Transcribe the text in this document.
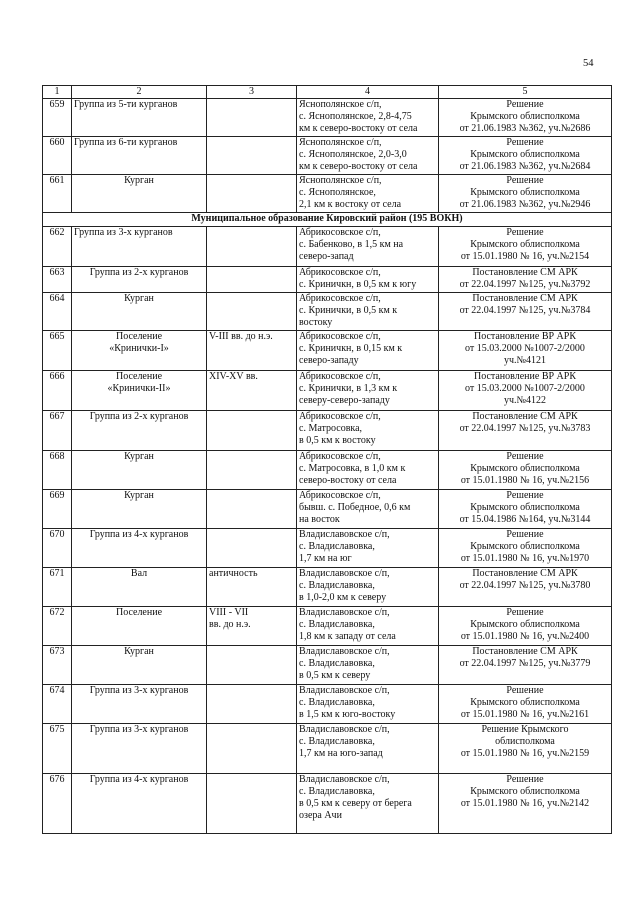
54
1	2	3	4	5
659	Группа из 5-ти курганов		Яснополянское с/п,
с. Яснополянское, 2,8-4,75
км к северо-востоку от села	Решение
Крымского облисполкома
от 21.06.1983 №362, уч.№2686
660	Группа из 6-ти курганов		Яснополянское с/п,
с. Яснополянское, 2,0-3,0
км к северо-востоку от села	Решение
Крымского облисполкома
от 21.06.1983 №362, уч.№2684
661	Курган		Яснополянское с/п,
с. Яснополянское,
2,1 км к востоку от села	Решение
Крымского облисполкома
от 21.06.1983 №362, уч.№2946
Муниципальное образование Кировский район (195 ВОКН)				
662	Группа из 3-х курганов		Абрикосовское с/п,
с. Бабенково, в 1,5 км на
северо-запад	Решение
Крымского облисполкома
от 15.01.1980 № 16, уч.№2154
663	Группа из 2-х курганов		Абрикосовское с/п,
с. Криничкн, в 0,5 км к югу	Постановление СМ АРК
от 22.04.1997 №125, уч.№3792
664	Курган		Абрикосовское с/п,
с. Кринички, в 0,5 км к
востоку	Постановление СМ АРК
от 22.04.1997 №125, уч.№3784
665	Поселение
«Кринички-I»	V-III вв. до н.э.	Абрикосовское с/п,
с. Криничкн, в 0,15 км к
северо-западу	Постановление ВР АРК
от 15.03.2000 №1007-2/2000
уч.№4121
666	Поселение
«Кринички-II»	XIV-XV вв.	Абрикосовское с/п,
с. Кринички, в 1,3 км к
северу-северо-западу	Постановление ВР АРК
от 15.03.2000 №1007-2/2000
уч.№4122
667	Группа из 2-х курганов		Абрикосовское с/п,
с. Матросовка,
в 0,5 км к востоку	Постановление СМ АРК
от 22.04.1997 №125, уч.№3783
668	Курган		Абрикосовское с/п,
с. Матросовка, в 1,0 км к
северо-востоку от села	Решение
Крымского облисполкома
от 15.01.1980 № 16, уч.№2156
669	Курган		Абрикосовское с/п,
бывш. с. Победное, 0,6 км
на восток	Решение
Крымского облисполкома
от 15.04.1986 №164, уч.№3144
670	Группа из 4-х курганов		Владиславовское с/п,
с. Владиславовка,
1,7 км на юг	Решение
Крымского облисполкома
от 15.01.1980 № 16, уч.№1970
671	Вал	античность	Владиславовское с/п,
с. Владиславовка,
в 1,0-2,0 км к северу	Постановление СМ АРК
от 22.04.1997 №125, уч.№3780
672	Поселение	VIII - VII
вв. до н.э.	Владиславовское с/п,
с. Владиславовка,
1,8 км к западу от села	Решение
Крымского облисполкома
от 15.01.1980 № 16, уч.№2400
673	Курган		Владиславовское с/п,
с. Владиславовка,
в 0,5 км к северу	Постановление СМ АРК
от 22.04.1997 №125, уч.№3779
674	Группа из 3-х курганов		Владиславовское с/п,
с. Владиславовка,
в 1,5 км к юго-востоку	Решение
Крымского облисполкома
от 15.01.1980 № 16, уч.№2161
675	Группа из 3-х курганов		Владиславовское с/п,
с. Владиславовка,
1,7 км на юго-запад	Решение Крымского
облисполкома
от 15.01.1980 № 16, уч.№2159
676	Группа из 4-х курганов		Владиславовское с/п,
с. Владиславовка,
в 0,5 км к северу от берега
озера Ачи	Решение
Крымского облисполкома
от 15.01.1980 № 16, уч.№2142
